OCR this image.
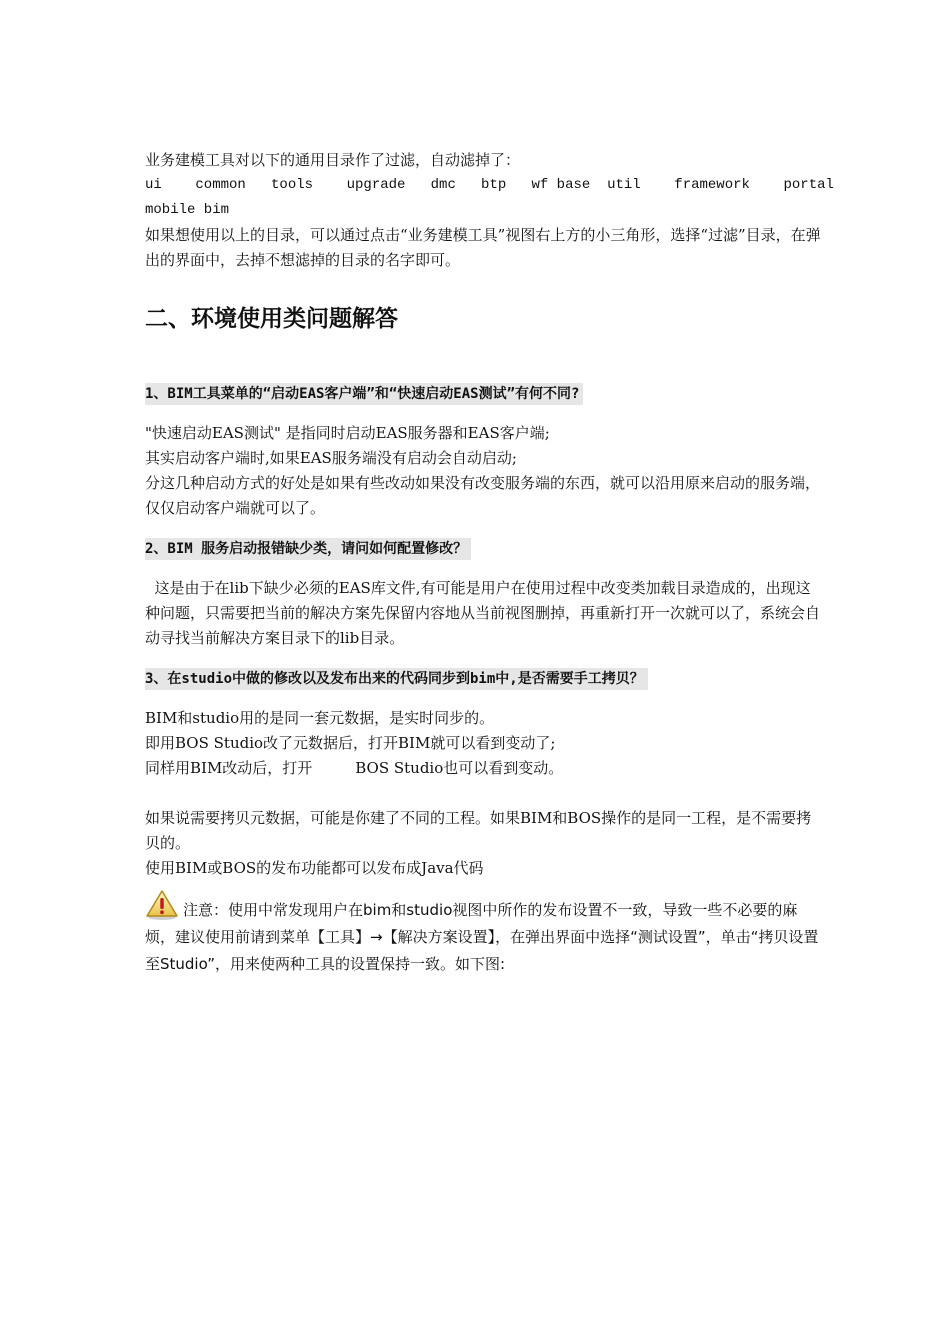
业务建模工具对以下的通用目录作了过滤，自动滤掉了：

ui    common   tools    upgrade   dmc   btp   wf base  util    framework    portal

mobile bim

如果想使用以上的目录，可以通过点击“业务建模工具”视图右上方的小三角形，选择“过滤”目录，在弹出的界面中，去掉不想滤掉的目录的名字即可。

二、环境使用类问题解答

1、BIM工具菜单的“启动EAS客户端”和“快速启动EAS测试”有何不同?

"快速启动EAS测试" 是指同时启动EAS服务器和EAS客户端;

其实启动客户端时,如果EAS服务端没有启动会自动启动;

分这几种启动方式的好处是如果有些改动如果没有改变服务端的东西，就可以沿用原来启动的服务端，仅仅启动客户端就可以了。

2、BIM 服务启动报错缺少类，请问如何配置修改？

这是由于在lib下缺少必须的EAS库文件,有可能是用户在使用过程中改变类加载目录造成的，出现这种问题，只需要把当前的解决方案先保留内容地从当前视图删掉，再重新打开一次就可以了，系统会自动寻找当前解决方案目录下的lib目录。

3、在studio中做的修改以及发布出来的代码同步到bim中,是否需要手工拷贝？

BIM和studio用的是同一套元数据，是实时同步的。

即用BOS Studio改了元数据后，打开BIM就可以看到变动了;

同样用BIM改动后，打开         BOS Studio也可以看到变动。

如果说需要拷贝元数据，可能是你建了不同的工程。如果BIM和BOS操作的是同一工程，是不需要拷贝的。

使用BIM或BOS的发布功能都可以发布成Java代码

注意：使用中常发现用户在bim和studio视图中所作的发布设置不一致，导致一些不必要的麻烦，建议使用前请到菜单【工具】→【解决方案设置】，在弹出界面中选择“测试设置”，单击“拷贝设置至Studio”，用来使两种工具的设置保持一致。如下图:
